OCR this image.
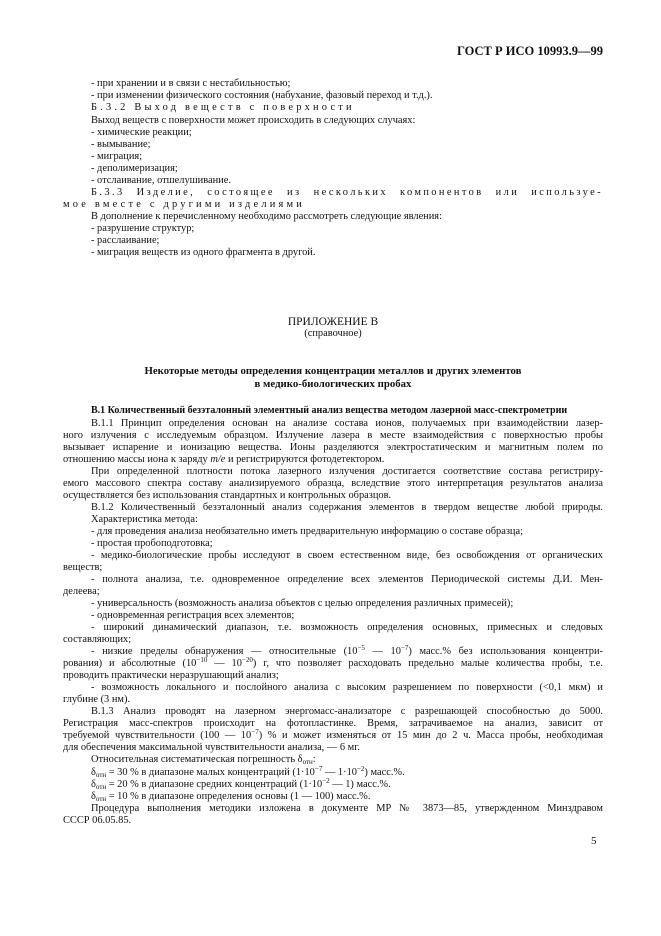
ГОСТ Р ИСО 10993.9—99
- при хранении и в связи с нестабильностью;
- при изменении физического состояния (набухание, фазовый переход и т.д.).
Б.3.2 Выход веществ с поверхности
Выход веществ с поверхности может происходить в следующих случаях:
- химические реакции;
- вымывание;
- миграция;
- деполимеризация;
- отслаивание, отшелушивание.
Б.3.3 Изделие, состоящее из нескольких компонентов или используе-
мое вместе с другими изделиями
В дополнение к перечисленному необходимо рассмотреть следующие явления:
- разрушение структур;
- расслаивание;
- миграция веществ из одного фрагмента в другой.
ПРИЛОЖЕНИЕ В
(справочное)
Некоторые методы определения концентрации металлов и других элементов
в медико-биологических пробах
В.1 Количественный безэталонный элементный анализ вещества методом лазерной масс-спектрометрии
В.1.1 Принцип определения основан на анализе состава ионов, получаемых при взаимодействии лазер-
ного излучения с исследуемым образцом. Излучение лазера в месте взаимодействия с поверхностью пробы
вызывает испарение и ионизацию вещества. Ионы разделяются электростатическим и магнитным полем по
отношению массы иона к заряду m/e и регистрируются фотодетектором.
При определенной плотности потока лазерного излучения достигается соответствие состава регистриру-
емого массового спектра составу анализируемого образца, вследствие этого интерпретация результатов анализа
осуществляется без использования стандартных и контрольных образцов.
В.1.2 Количественный безэталонный анализ содержания элементов в твердом веществе любой природы.
Характеристика метода:
- для проведения анализа необязательно иметь предварительную информацию о составе образца;
- простая пробоподготовка;
- медико-биологические пробы исследуют в своем естественном виде, без освобождения от органических
веществ;
- полнота анализа, т.е. одновременное определение всех элементов Периодической системы Д.И. Мен-
делеева;
- универсальность (возможность анализа объектов с целью определения различных примесей);
- одновременная регистрация всех элементов;
- широкий динамический диапазон, т.е. возможность определения основных, примесных и следовых
составляющих;
- низкие пределы обнаружения — относительные ($10^{-5}$ — $10^{-7}$) масс.% без использования концентри-
рования) и абсолютные ($10^{-10}$ — $10^{-20}$) г, что позволяет расходовать предельно малые количества пробы, т.е.
проводить практически неразрушающий анализ;
- возможность локального и послойного анализа с высоким разрешением по поверхности (<0,1 мкм) и
глубине (3 нм).
В.1.3 Анализ проводят на лазерном энергомасс-анализаторе с разрешающей способностью до 5000.
Регистрация масс-спектров происходит на фотопластинке. Время, затрачиваемое на анализ, зависит от
требуемой чувствительности (100 — $10^{-7}$) % и может изменяться от 15 мин до 2 ч. Масса пробы, необходимая
для обеспечения максимальной чувствительности анализа, — 6 мг.
Относительная систематическая погрешность $\delta_{отн}$:
$\delta_{отн} = 30$ % в диапазоне малых концентраций ($1\cdot 10^{-7}$ — $1\cdot 10^{-2}$) масс.%.
$\delta_{отн} = 20$ % в диапазоне средних концентраций ($1\cdot 10^{-2}$ — 1) масс.%.
$\delta_{отн} = 10$ % в диапазоне определения основы (1 — 100) масс.%.
Процедура выполнения методики изложена в документе МР № 3873—85, утвержденном Минздравом
СССР 06.05.85.
5
